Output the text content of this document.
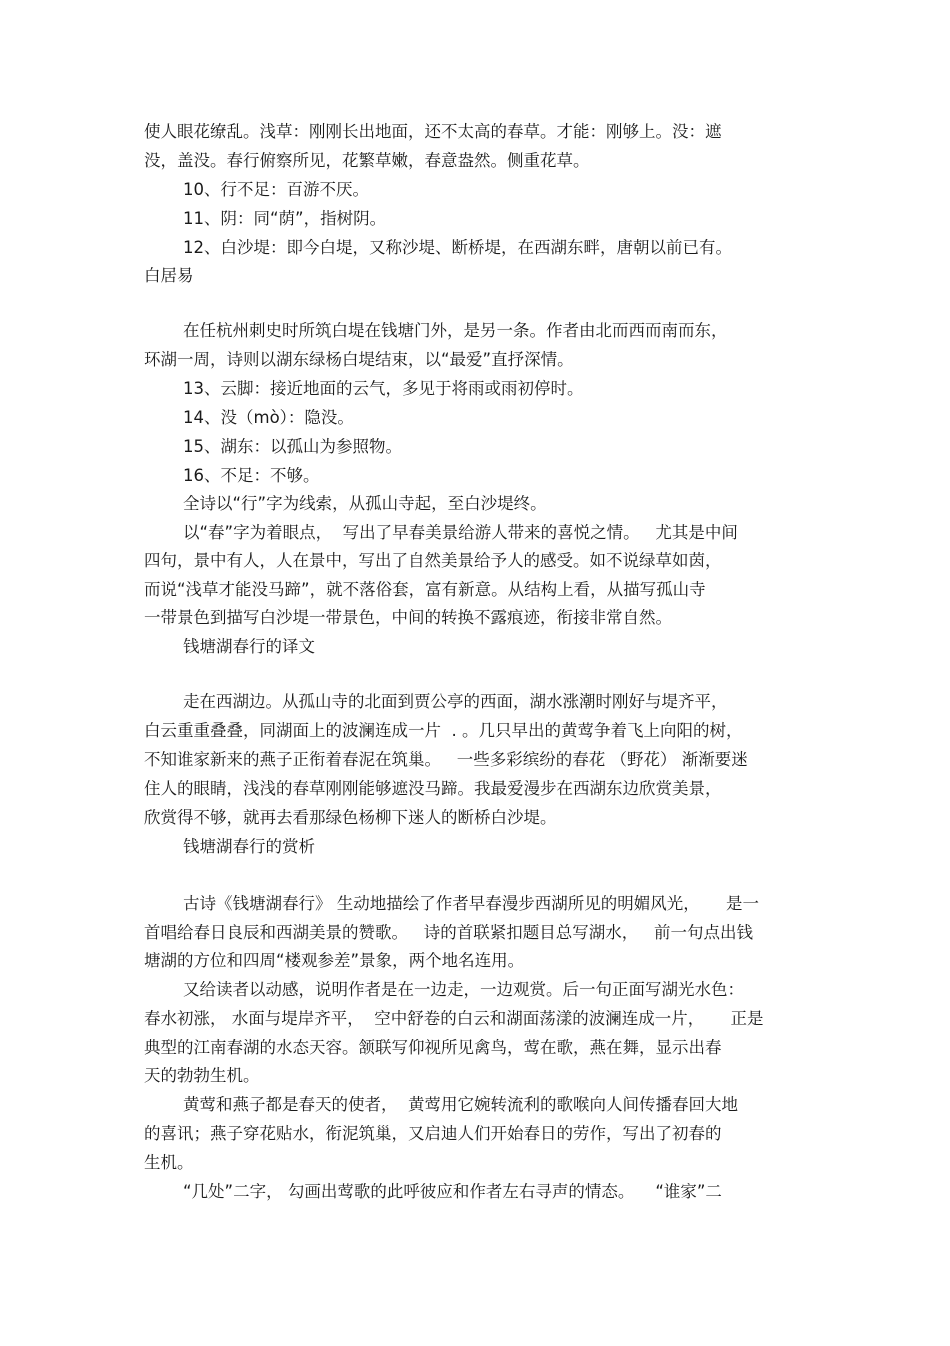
使人眼花缭乱。浅草：刚刚长出地面，还不太高的春草。才能：刚够上。没：遮

没，盖没。春行俯察所见，花繁草嫩，春意盎然。侧重花草。

10、行不足：百游不厌。

11、阴：同“荫”，指树阴。

12、白沙堤：即今白堤，又称沙堤、断桥堤，在西湖东畔，唐朝以前已有。

白居易

在任杭州刺史时所筑白堤在钱塘门外，是另一条。作者由北而西而南而东，

环湖一周，诗则以湖东绿杨白堤结束，以“最爱”直抒深情。

13、云脚：接近地面的云气，多见于将雨或雨初停时。

14、没（mò）：隐没。

15、湖东：以孤山为参照物。

16、不足：不够。

全诗以“行”字为线索，从孤山寺起，至白沙堤终。

以“春”字为着眼点，  写出了早春美景给游人带来的喜悦之情。   尤其是中间

四句，景中有人，人在景中，写出了自然美景给予人的感受。如不说绿草如茵，

而说“浅草才能没马蹄”，就不落俗套，富有新意。从结构上看，从描写孤山寺

一带景色到描写白沙堤一带景色，中间的转换不露痕迹，衔接非常自然。

钱塘湖春行的译文

走在西湖边。从孤山寺的北面到贾公亭的西面，湖水涨潮时刚好与堤齐平，

白云重重叠叠，同湖面上的波澜连成一片  . 。几只早出的黄莺争着飞上向阳的树，

不知谁家新来的燕子正衔着春泥在筑巢。   一些多彩缤纷的春花 （野花） 渐渐要迷

住人的眼睛，浅浅的春草刚刚能够遮没马蹄。我最爱漫步在西湖东边欣赏美景，

欣赏得不够，就再去看那绿色杨柳下迷人的断桥白沙堤。

钱塘湖春行的赏析

古诗《钱塘湖春行》 生动地描绘了作者早春漫步西湖所见的明媚风光，     是一

首唱给春日良辰和西湖美景的赞歌。   诗的首联紧扣题目总写湖水，   前一句点出钱

塘湖的方位和四周“楼观参差”景象，两个地名连用。

又给读者以动感，说明作者是在一边走，一边观赏。后一句正面写湖光水色：

春水初涨， 水面与堤岸齐平，  空中舒卷的白云和湖面荡漾的波澜连成一片，     正是

典型的江南春湖的水态天容。颔联写仰视所见禽鸟，莺在歌，燕在舞，显示出春

天的勃勃生机。

黄莺和燕子都是春天的使者，  黄莺用它婉转流利的歌喉向人间传播春回大地

的喜讯；燕子穿花贴水，衔泥筑巢，又启迪人们开始春日的劳作，写出了初春的

生机。

“几处”二字， 勾画出莺歌的此呼彼应和作者左右寻声的情态。    “谁家”二
